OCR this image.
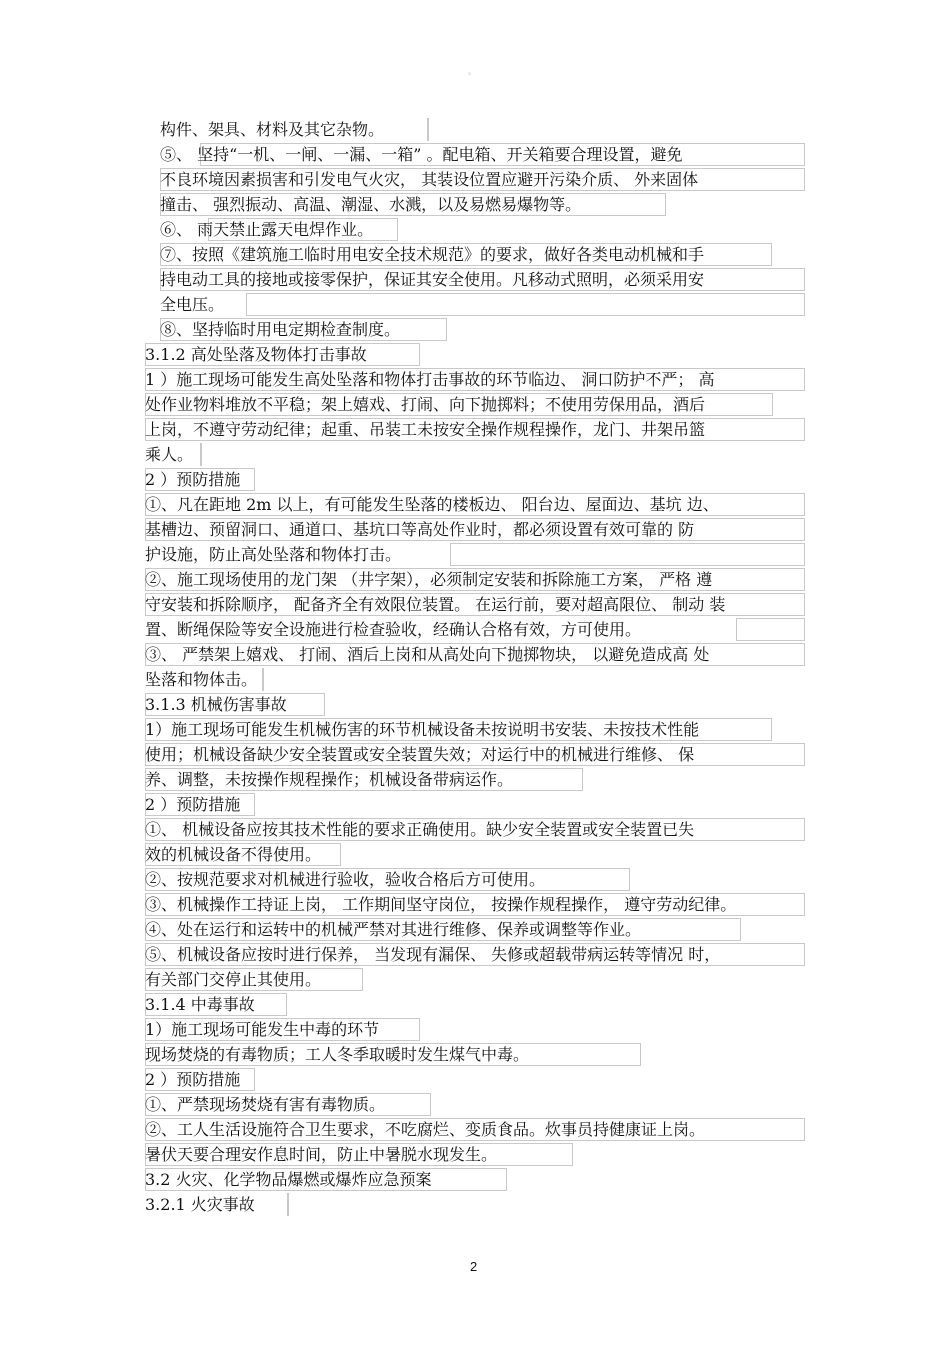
。
构件、架具、材料及其它杂物。
⑤、 坚持“一机、一闸、一漏、一箱” 。配电箱、开关箱要合理设置，避免
不良环境因素损害和引发电气火灾， 其装设位置应避开污染介质、 外来固体
撞击、 强烈振动、高温、潮湿、水溅，以及易燃易爆物等。
⑥、 雨天禁止露天电焊作业。
⑦、按照《建筑施工临时用电安全技术规范》的要求，做好各类电动机械和手
持电动工具的接地或接零保护，保证其安全使用。凡移动式照明，必须采用安
全电压。
⑧、坚持临时用电定期检查制度。
3.1.2 高处坠落及物体打击事故
1 ）施工现场可能发生高处坠落和物体打击事故的环节临边、 洞口防护不严； 高
处作业物料堆放不平稳；架上嬉戏、打闹、向下抛掷料；不使用劳保用品，酒后
上岗，不遵守劳动纪律；起重、吊装工未按安全操作规程操作，龙门、井架吊篮
乘人。
2 ）预防措施
①、凡在距地 2m 以上，有可能发生坠落的楼板边、 阳台边、屋面边、基坑 边、
基槽边、预留洞口、通道口、基坑口等高处作业时，都必须设置有效可靠的 防
护设施，防止高处坠落和物体打击。
②、施工现场使用的龙门架 （井字架），必须制定安装和拆除施工方案， 严格 遵
守安装和拆除顺序， 配备齐全有效限位装置。 在运行前，要对超高限位、 制动 装
置、断绳保险等安全设施进行检查验收，经确认合格有效，方可使用。
③、 严禁架上嬉戏、 打闹、酒后上岗和从高处向下抛掷物块， 以避免造成高 处
坠落和物体击。
3.1.3 机械伤害事故
1）施工现场可能发生机械伤害的环节机械设备未按说明书安装、未按技术性能
使用；机械设备缺少安全装置或安全装置失效；对运行中的机械进行维修、 保
养、调整，未按操作规程操作；机械设备带病运作。
2 ）预防措施
①、 机械设备应按其技术性能的要求正确使用。缺少安全装置或安全装置已失
效的机械设备不得使用。
②、按规范要求对机械进行验收，验收合格后方可使用。
③、机械操作工持证上岗， 工作期间坚守岗位， 按操作规程操作， 遵守劳动纪律。
④、处在运行和运转中的机械严禁对其进行维修、保养或调整等作业。
⑤、机械设备应按时进行保养， 当发现有漏保、 失修或超载带病运转等情况 时，
有关部门交停止其使用。
3.1.4 中毒事故
1）施工现场可能发生中毒的环节
现场焚烧的有毒物质；工人冬季取暖时发生煤气中毒。
2 ）预防措施
①、严禁现场焚烧有害有毒物质。
②、工人生活设施符合卫生要求，不吃腐烂、变质食品。炊事员持健康证上岗。
暑伏天要合理安作息时间，防止中暑脱水现发生。
3.2 火灾、化学物品爆燃或爆炸应急预案
3.2.1 火灾事故
2
